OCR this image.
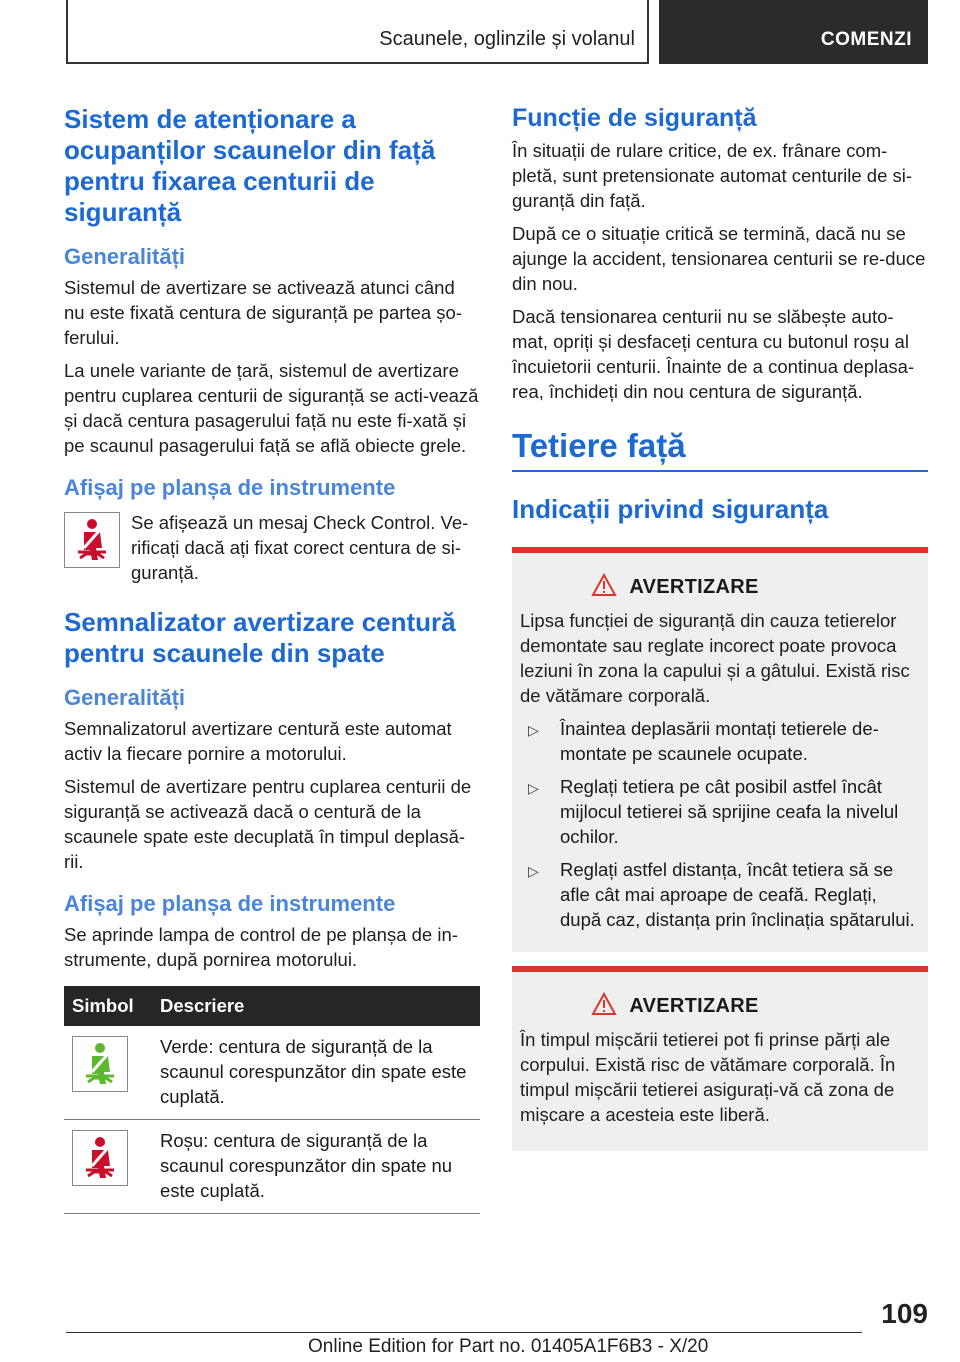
Scaunele, oglinzile și volanul	COMENZI
Sistem de atenționare a ocupanților scaunelor din față pentru fixarea centurii de siguranță
Generalități

Sistemul de avertizare se activează atunci când nu este fixată centura de siguranță pe partea șo-ferului.

La unele variante de țară, sistemul de avertizare pentru cuplarea centurii de siguranță se acti-vează și dacă centura pasagerului față nu este fi-xată și pe scaunul pasagerului față se află obiecte grele.

Afișaj pe planșa de instrumente

Se afișează un mesaj Check Control. Ve-rificați dacă ați fixat corect centura de si-guranță.

Semnalizator avertizare centură pentru scaunele din spate
Generalități

Semnalizatorul avertizare centură este automat activ la fiecare pornire a motorului.

Sistemul de avertizare pentru cuplarea centurii de siguranță se activează dacă o centură de la scaunele spate este decuplată în timpul deplasă-rii.

Afișaj pe planșa de instrumente

Se aprinde lampa de control de pe planșa de in-strumente, după pornirea motorului.

Simbol	Descriere

	Verde: centura de siguranță de la scaunul corespunzător din spate este cuplată.

	Roșu: centura de siguranță de la scaunul corespunzător din spate nu este cuplată.
Funcție de siguranță

În situații de rulare critice, de ex. frânare com-pletă, sunt pretensionate automat centurile de si-guranță din față.

După ce o situație critică se termină, dacă nu se ajunge la accident, tensionarea centurii se re-duce din nou.

Dacă tensionarea centurii nu se slăbește auto-mat, opriți și desfaceți centura cu butonul roșu al încuietorii centurii. Înainte de a continua deplasa-rea, închideți din nou centura de siguranță.

Tetiere față
Indicații privind siguranța
AVERTIZARE

Lipsa funcției de siguranță din cauza tetierelor demontate sau reglate incorect poate provoca leziuni în zona la capului și a gâtului. Există risc de vătămare corporală.

▷	Înaintea deplasării montați tetierele de-montate pe scaunele ocupate.
▷	Reglați tetiera pe cât posibil astfel încât mijlocul tetierei să sprijine ceafa la nivelul ochilor.
▷	Reglați astfel distanța, încât tetiera să se afle cât mai aproape de ceafă. Reglați, după caz, distanța prin înclinația spătarului.
AVERTIZARE

În timpul mișcării tetierei pot fi prinse părți ale corpului. Există risc de vătămare corporală. În timpul mișcării tetierei asigurați-vă că zona de mișcare a acesteia este liberă.

109
Online Edition for Part no. 01405A1F6B3 - X/20
